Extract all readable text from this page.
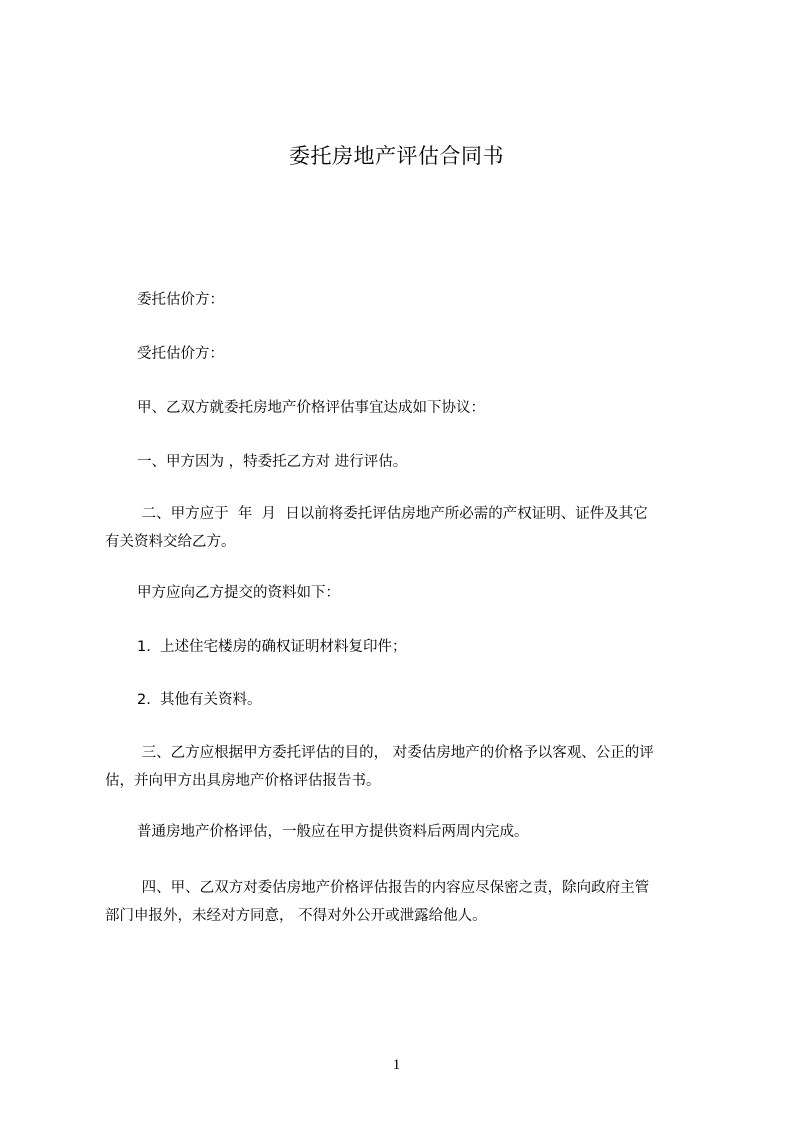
委托房地产评估合同书
委托估价方：
受托估价方：
甲、乙双方就委托房地产价格评估事宜达成如下协议：
一、甲方因为 ，特委托乙方对 进行评估。
二、甲方应于  年  月  日以前将委托评估房地产所必需的产权证明、证件及其它
有关资料交给乙方。
甲方应向乙方提交的资料如下：
1.  上述住宅楼房的确权证明材料复印件；
2.  其他有关资料。
三、乙方应根据甲方委托评估的目的， 对委估房地产的价格予以客观、公正的评
估，并向甲方出具房地产价格评估报告书。
普通房地产价格评估，一般应在甲方提供资料后两周内完成。
四、甲、乙双方对委估房地产价格评估报告的内容应尽保密之责，除向政府主管
部门申报外，未经对方同意， 不得对外公开或泄露给他人。
1
